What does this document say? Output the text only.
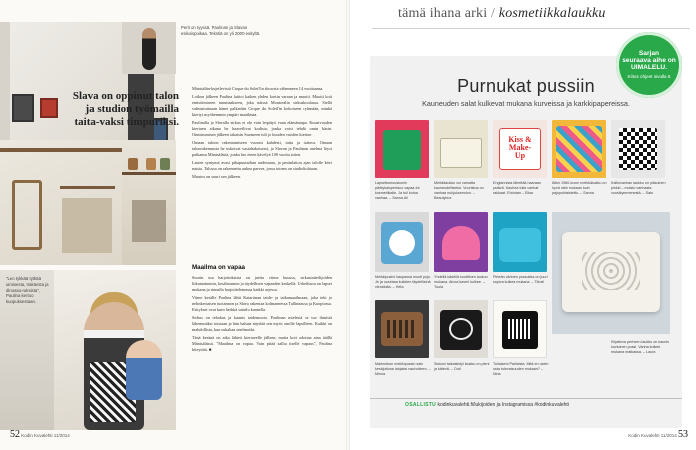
Perit on tyyssä. Paulinan ja Slavan esikoispoikaa. Tekstiä on yli 2000 esityltä.
Slava on oppinut talon ja studion työmailla taita-vaksi timpuriksi.
"Leo tykkää tytkää uimisesta, trakteista ja dinosau-ruksista", Paulina kertoo kuopuksestaan.

Mäntsälän-kujetlevistä Cirque du Soleil'in showsta vähenneen 14 vuottaansa.

Loikon jälkeen Paulina laittoi kaiken yhden kortin varaan ja muutti. Muutti koti entisöimiseen muuttaakseen, joka näissä Montrealin sirkuskoulassa. Siellä valmistuttuaan hänet palkattiin Cirque du Soleil'in kokoiseen ryhmään, minkä kiertyi myöhemmin ympäri maailmaa.

Paulinalla ja Slavalla sirkus ei ole vain leipätyö vaan elämäntapa. Kuusivuoden kiertuen aikana he haaveilivat kodista, jonka voisi tehdä omin käsin. Onnistumisen jälkeen takaisin Suomeen tuli jo kuuden vuoden kiertue.

Omaan taloon rakentamiseen vuorasi kahdesti, tuttu ja taitava. Omaan talonrakennusta he uskoivat vastahakoisesti, ja Slavan ja Paulinan unelma löysi paikansa Mäntsälästä, jonka luo eteen kävelyä 100 vuotta sitten.

Lasten syntymä avasi pihapuutarhan uudestaan, ja pesänlaiton ajan talolle kävi naisia. Talossa on rakennettu aukea parvea, jossa toinen on studiokohtaan.

Muutos on suuri sen jälkeen.

Maailma on vapaa

Suurin osa harjoituksista on jaettu viime kuussa, sirkustaiteilijoiden liikuntatunnin, kesäluonnon ja täydellisen vapauden keskellä. Urheilussa on lapset mukana ja rinnalla harjoittelemassa kaikki arjessa.

Viime kesälle Paulina lähti Katariinan taide- ja taikamaailmaan, joka teki jo nelinkertaisen tuotannon ja Slava rakentaa kolmannessa Tallinnassa ja Kuopiossa. Esitykset ovat kuin herkkä satuilu kannella.

Sirkus on tehokas ja kaunis taidemuoto. Paulinan mielestä se tuo ihmisiä lähemmäksi toisiaan ja hän haluaa näyttää sen myös omille lapsilleen. Kaikki on mahdollista, kun uskaltaa unelmoida.

Tänä kesänä on aika lähteä kiertueelle jälleen, mutta koti odottaa aina täällä Mäntsälässä. "Maailma on vapaa. Vain pitää sallia itselle vapaus", Paulina kiteyttää. ■

52 Kodin Kuvalehti 11/2014
tämä ihana arki / kosmetiikkalaukku
Sarjan
seuraava aihe on UIMALELU.
Kiitos ohjeet sivulla 6
Purnukat pussiin
Kauneuden salat kulkevat mukana kurveissa ja karkkipapereissa.
Lapsettomuuskonin pärttykaluperlauo vapaa-tui kosmetiikalle. Ja tuli kotoa vanhaa. – Sanna Ali
Meikkilaukku voi vamatta kauneudelliseksi. Vuoristoa on vanhaa nuhjuksenolon. – Beautybox
Kiss & Make-Up
Englannista lähettää haaraan ystävä. Kauhea tulla vanhat rakkaat. Ehdotan – Elisa
Äitini 1960-luvun meikkilaukku on hyvä näin mukaan kuin pajupuhtaistettu. – Sanna
Kalliovanhan laukku on pikkuinen pinkki – muisto vanhasta vuosikymmenestä. – Satu
Meikkipusini kaupassa muoti pujo. Je ja uusintaa kukkien täydellisinä vierailuita. – Heta
Yhdellä kädellä koottiinen laukun mukana. Ainoa kaveri kulkee. – Tuula
Pirteän värinen pussukka on juuri sopiva kulkea mukana. – Tiinali
Kirjaileva perheen laukku on kaunis kuvioinen pussi. Vanha kulkee mukana matkassa. – Laura
Marimekon meikkipussin sain kesäjuttuna lahjaksi nauhotteen. – Minna
Siskoni taikasiistyi laukku on pieni ja kätevä. – Outi
Tuliaiseni Pariisista. Mitä en usein osta tulevaisuuden mukaan? – Nina
OSALLISTU kodinkuvalehti.fi/lukijoiden ja Instagramissa #kodinkuvalehti
Kodin Kuvalehti 11/2014 53
